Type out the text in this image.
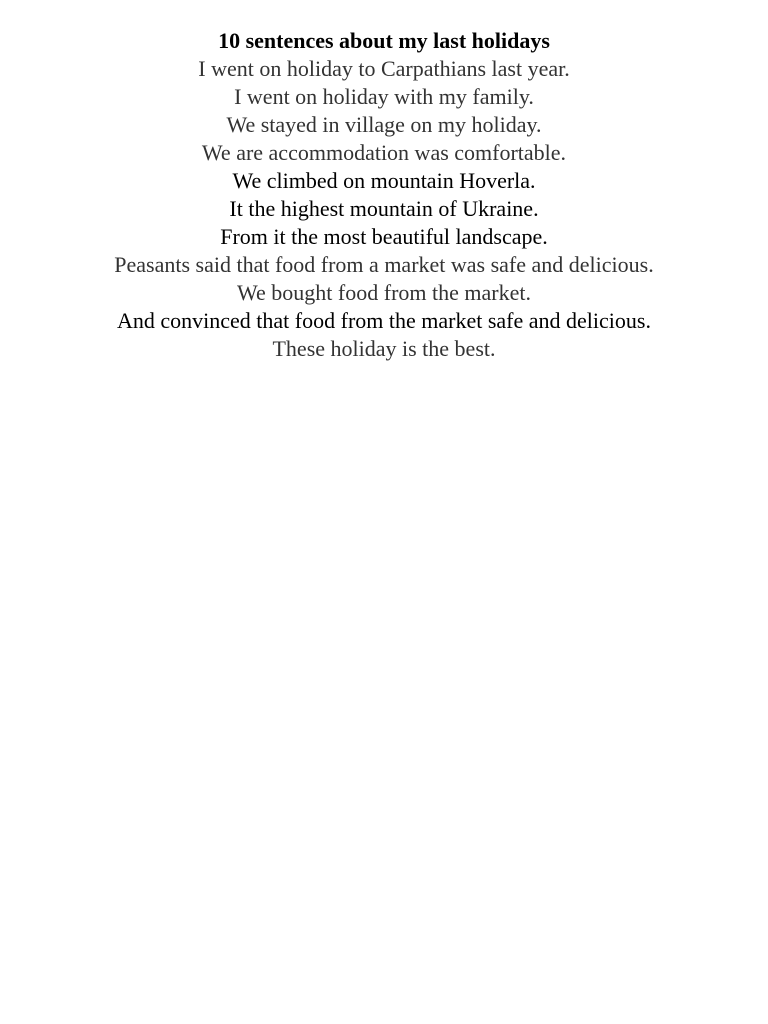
10 sentences about my last holidays

I went on holiday to Carpathians last year.

I went on holiday with my family.

We stayed in village on my holiday.

We are accommodation was comfortable.

We climbed on mountain Hoverla.

It the highest mountain of Ukraine.

From it the most beautiful landscape.

Peasants said that food from a market was safe and delicious.

We bought food from the market.

And convinced that food from the market safe and delicious.

These holiday is the best.
